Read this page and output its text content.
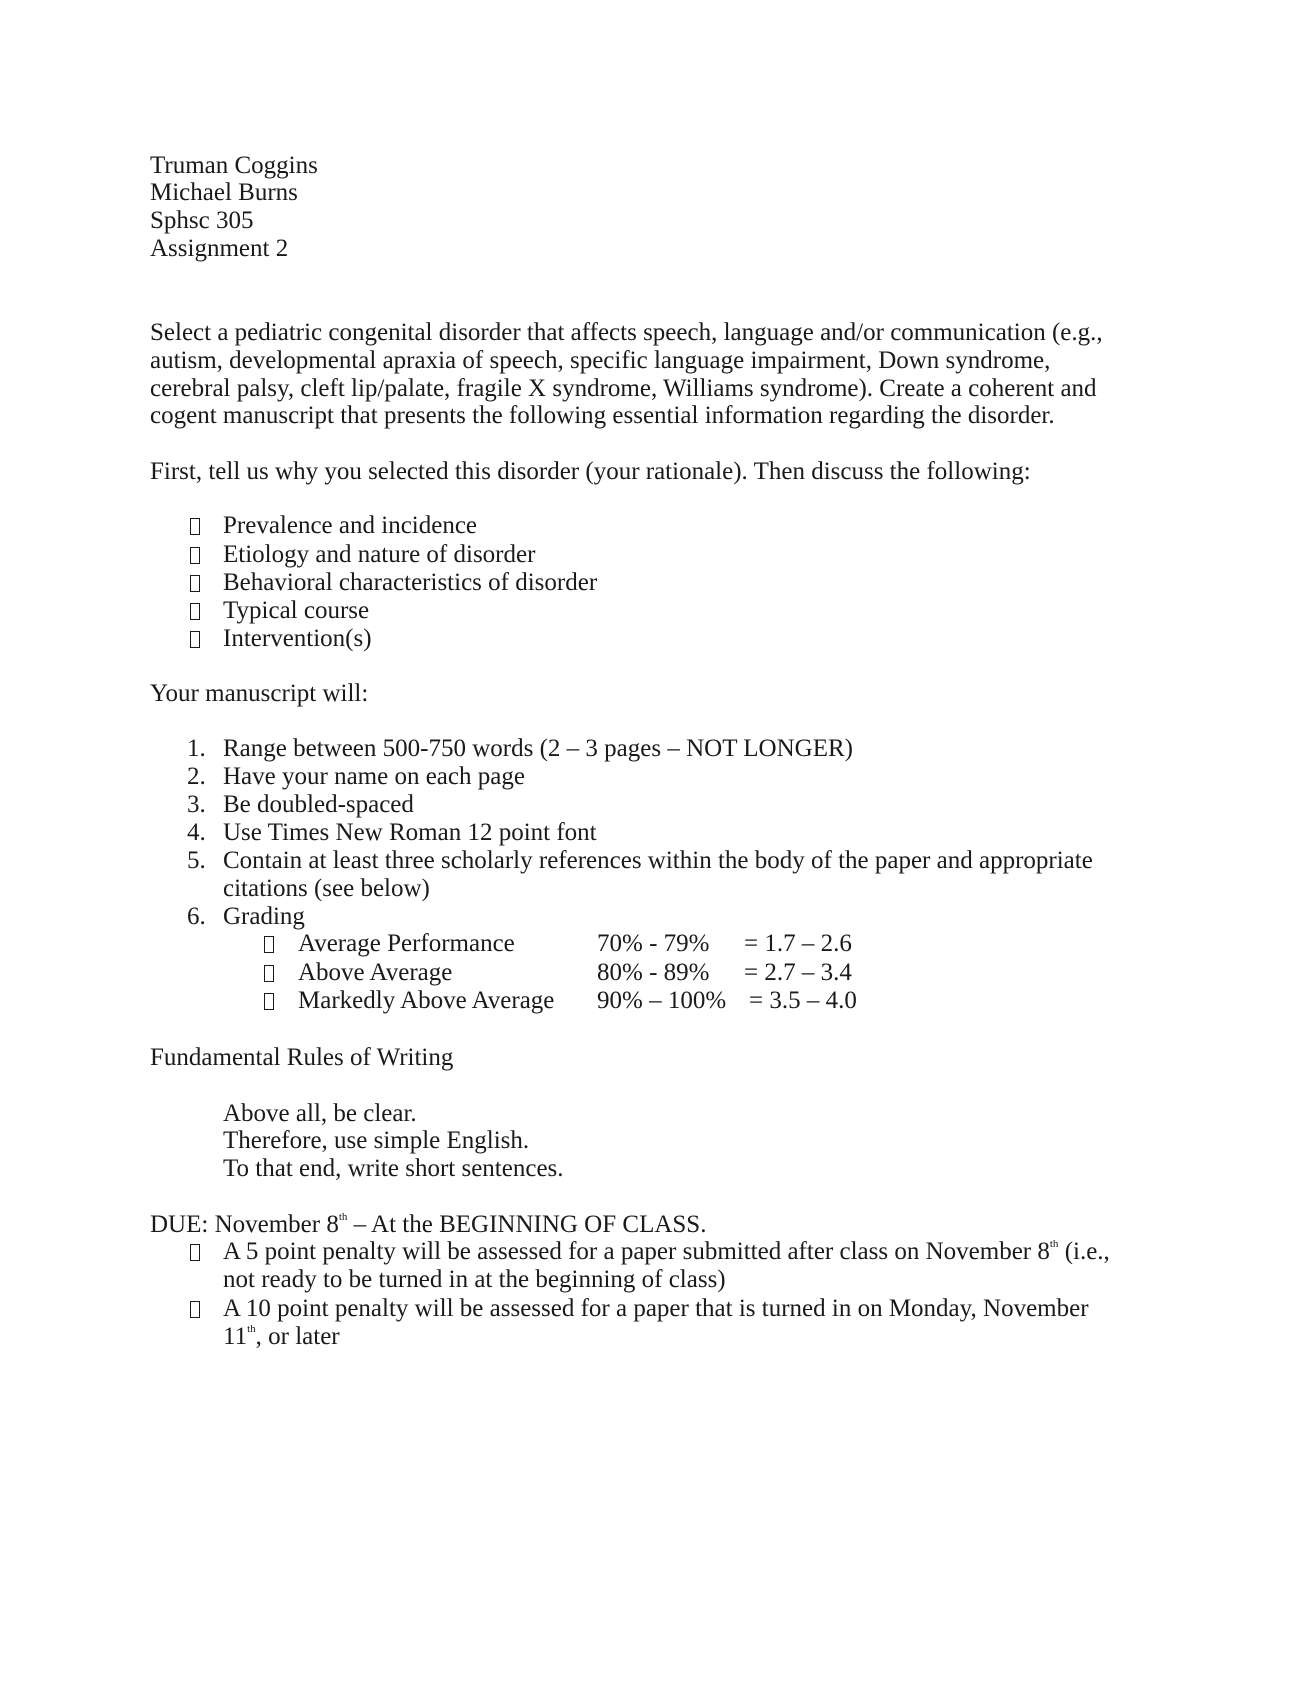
Truman Coggins
Michael Burns
Sphsc 305
Assignment 2
Select a pediatric congenital disorder that affects speech, language and/or communication (e.g.,
autism, developmental apraxia of speech, specific language impairment, Down syndrome,
cerebral palsy, cleft lip/palate, fragile X syndrome, Williams syndrome). Create a coherent and
cogent manuscript that presents the following essential information regarding the disorder.
First, tell us why you selected this disorder (your rationale). Then discuss the following:
Prevalence and incidence
Etiology and nature of disorder
Behavioral characteristics of disorder
Typical course
Intervention(s)
Your manuscript will:
1. Range between 500-750 words (2 – 3 pages – NOT LONGER)
2. Have your name on each page
3. Be doubled-spaced
4. Use Times New Roman 12 point font
5. Contain at least three scholarly references within the body of the paper and appropriate
citations (see below)
6. Grading
Average Performance	70% - 79% = 1.7 – 2.6
Above Average	80% - 89% = 2.7 – 3.4
Markedly Above Average 90% – 100% = 3.5 – 4.0
Fundamental Rules of Writing
Above all, be clear.
Therefore, use simple English.
To that end, write short sentences.
DUE: November 8th – At the BEGINNING OF CLASS.
A 5 point penalty will be assessed for a paper submitted after class on November 8th (i.e.,
not ready to be turned in at the beginning of class)
A 10 point penalty will be assessed for a paper that is turned in on Monday, November
11th, or later
